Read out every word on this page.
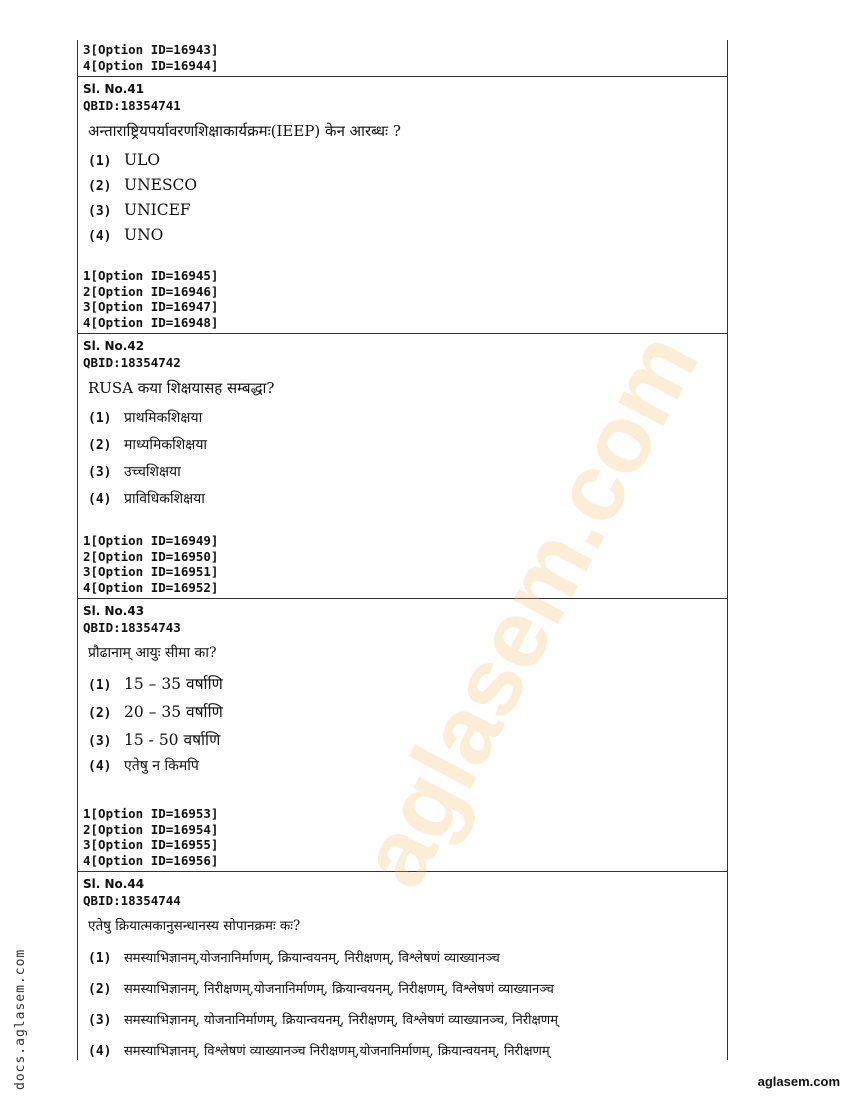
3[Option ID=16943]
4[Option ID=16944]
Sl. No.41
QBID:18354741
अन्ताराष्ट्रियपर्यावरणशिक्षाकार्यक्रमः(IEEP) केन आरब्धः ?
(1) ULO
(2) UNESCO
(3) UNICEF
(4) UNO
1[Option ID=16945]
2[Option ID=16946]
3[Option ID=16947]
4[Option ID=16948]
Sl. No.42
QBID:18354742
RUSA कया शिक्षयासह सम्बद्धा?
(1) प्राथमिकशिक्षया
(2) माध्यमिकशिक्षया
(3) उच्चशिक्षया
(4) प्राविधिकशिक्षया
1[Option ID=16949]
2[Option ID=16950]
3[Option ID=16951]
4[Option ID=16952]
Sl. No.43
QBID:18354743
प्रौढानाम् आयुः सीमा का?
(1) 15 – 35 वर्षाणि
(2) 20 – 35 वर्षाणि
(3) 15 - 50 वर्षाणि
(4) एतेषु न किमपि
1[Option ID=16953]
2[Option ID=16954]
3[Option ID=16955]
4[Option ID=16956]
Sl. No.44
QBID:18354744
एतेषु क्रियात्मकानुसन्धानस्य सोपानक्रमः कः?
(1) समस्याभिज्ञानम्,योजनानिर्माणम्, क्रियान्वयनम्, निरीक्षणम्, विश्लेषणं व्याख्यानञ्च
(2) समस्याभिज्ञानम्, निरीक्षणम्,योजनानिर्माणम्, क्रियान्वयनम्, निरीक्षणम्, विश्लेषणं व्याख्यानञ्च
(3) समस्याभिज्ञानम्, योजनानिर्माणम्, क्रियान्वयनम्, निरीक्षणम्, विश्लेषणं व्याख्यानञ्च, निरीक्षणम्
(4) समस्याभिज्ञानम्, विश्लेषणं व्याख्यानञ्च निरीक्षणम्,योजनानिर्माणम्, क्रियान्वयनम्, निरीक्षणम्
aglasem.com
docs.aglasem.com	aglasem.com
